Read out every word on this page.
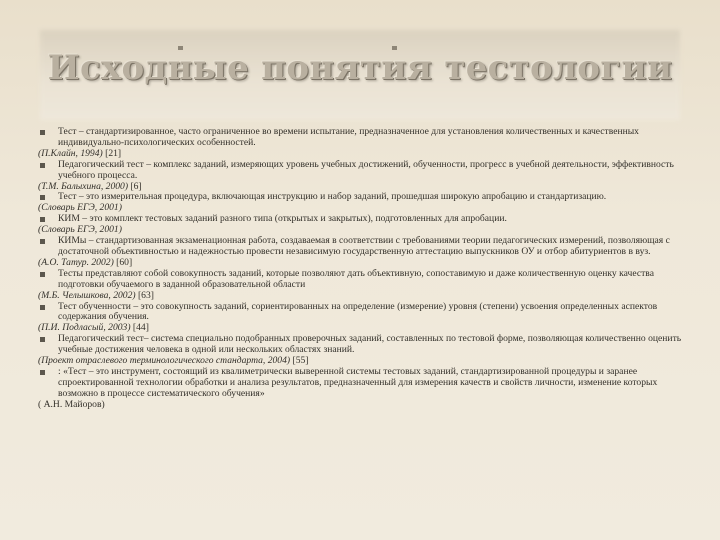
Исходные понятия тестологии
Тест – стандартизированное, часто ограниченное во времени испытание, предназначенное для установления количественных и качественных индивидуально-психологических особенностей.
(П.Клайн, 1994) [21]
Педагогический тест – комплекс заданий, измеряющих уровень учебных достижений, обученности, прогресс в учебной деятельности, эффективность учебного процесса.
(Т.М. Балыхина, 2000) [6]
Тест – это измерительная процедура, включающая инструкцию и набор заданий, прошедшая широкую апробацию и стандартизацию.
(Словарь ЕГЭ, 2001)
КИМ – это комплект тестовых заданий разного типа (открытых и закрытых), подготовленных для апробации.
(Словарь ЕГЭ, 2001)
КИМы – стандартизованная экзаменационная работа, создаваемая в соответствии с требованиями теории педагогических измерений, позволяющая с достаточной объективностью и надежностью провести независимую государственную аттестацию выпускников ОУ и отбор абитуриентов в вуз.
(А.О. Татур. 2002) [60]
Тесты представляют собой совокупность заданий, которые позволяют дать объективную, сопоставимую и даже количественную оценку качества подготовки обучаемого в заданной образовательной области
(М.Б. Челышкова, 2002) [63]
Тест обученности – это совокупность заданий, сориентированных на определение (измерение) уровня (степени) усвоения определенных аспектов содержания обучения.
(П.И. Подласый, 2003) [44]
Педагогический тест– система специально подобранных проверочных заданий, составленных по тестовой форме, позволяющая количественно оценить учебные достижения человека в одной или нескольких областях знаний.
(Проект отраслевого терминологического стандарта, 2004) [55]
: «Тест – это инструмент, состоящий из квалиметрически выверенной системы тестовых заданий, стандартизированной процедуры и заранее спроектированной технологии обработки и анализа результатов, предназначенный для измерения качеств и свойств личности, изменение которых возможно в процессе систематического обучения»
( А.Н. Майоров)
